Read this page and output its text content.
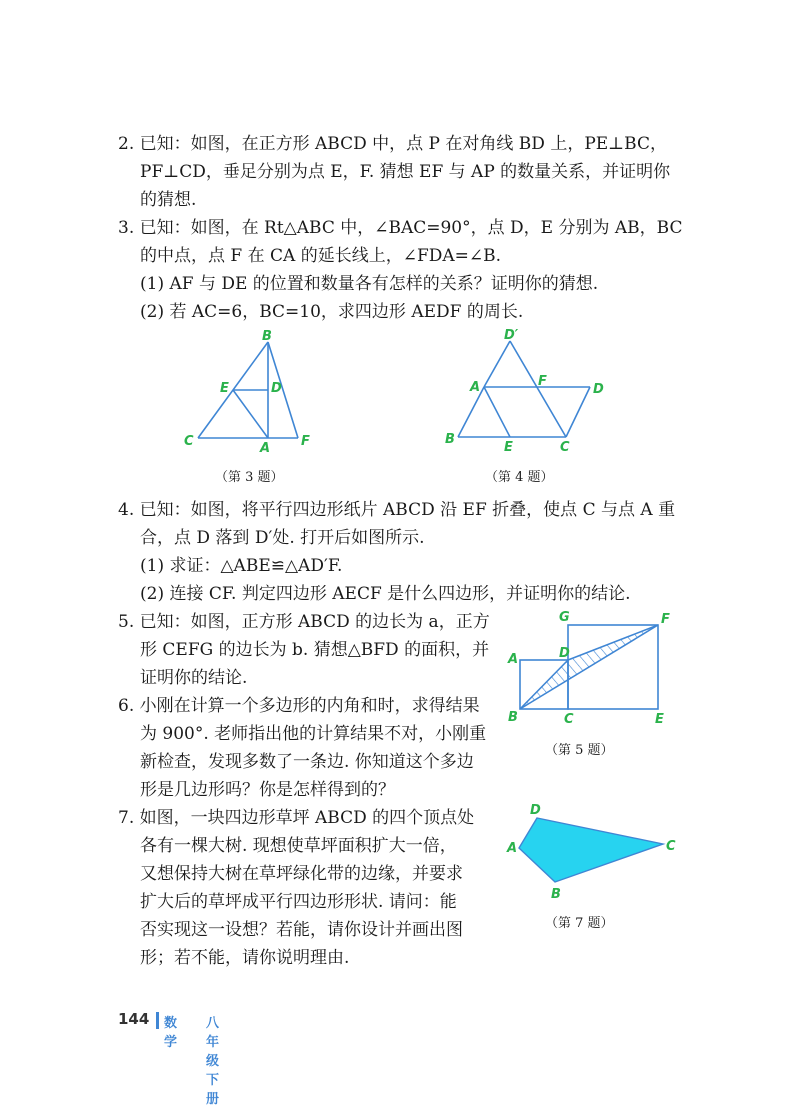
2. 已知：如图，在正方形 ABCD 中，点 P 在对角线 BD 上，PE⊥BC，
PF⊥CD，垂足分别为点 E，F. 猜想 EF 与 AP 的数量关系，并证明你
的猜想.
3. 已知：如图，在 Rt△ABC 中，∠BAC=90°，点 D，E 分别为 AB，BC
的中点，点 F 在 CA 的延长线上，∠FDA=∠B.
(1) AF 与 DE 的位置和数量各有怎样的关系？证明你的猜想.
(2) 若 AC=6，BC=10，求四边形 AEDF 的周长.
4. 已知：如图，将平行四边形纸片 ABCD 沿 EF 折叠，使点 C 与点 A 重
合，点 D 落到 D′处. 打开后如图所示.
(1) 求证：△ABE≌△AD′F.
(2) 连接 CF. 判定四边形 AECF 是什么四边形，并证明你的结论.
5. 已知：如图，正方形 ABCD 的边长为 a，正方
形 CEFG 的边长为 b. 猜想△BFD 的面积，并
证明你的结论.
6. 小刚在计算一个多边形的内角和时，求得结果
为 900°. 老师指出他的计算结果不对，小刚重
新检查，发现多数了一条边. 你知道这个多边
形是几边形吗？你是怎样得到的？
7. 如图，一块四边形草坪 ABCD 的四个顶点处
各有一棵大树. 现想使草坪面积扩大一倍，
又想保持大树在草坪绿化带的边缘，并要求
扩大后的草坪成平行四边形形状. 请问：能
否实现这一设想？若能，请你设计并画出图
形；若不能，请你说明理由.
B
E	D
C	A F
（第 3 题）
D′
A	F
D
B
E	C
（第 4 题）
G	F
A	D
B	C	E
（第 5 题）
D
A	C
B
（第 7 题）
144 数学
八年级下册
